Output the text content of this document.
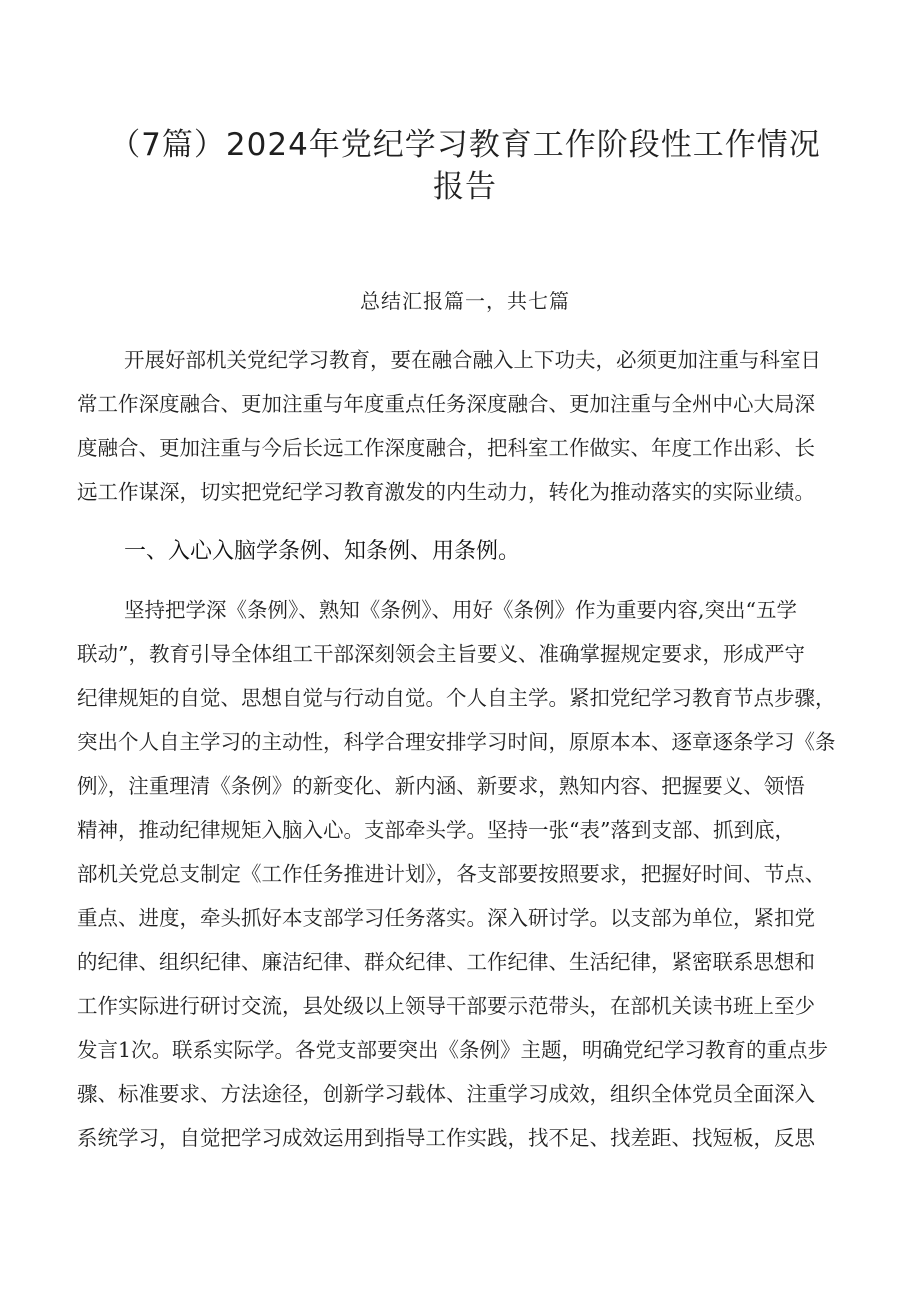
（7篇）2024年党纪学习教育工作阶段性工作情况
报告
总结汇报篇一，共七篇
开展好部机关党纪学习教育，要在融合融入上下功夫，必须更加注重与科室日
常工作深度融合、更加注重与年度重点任务深度融合、更加注重与全州中心大局深
度融合、更加注重与今后长远工作深度融合，把科室工作做实、年度工作出彩、长
远工作谋深，切实把党纪学习教育激发的内生动力，转化为推动落实的实际业绩。
一、入心入脑学条例、知条例、用条例。
坚持把学深《条例》、熟知《条例》、用好《条例》作为重要内容,突出“五学
联动”，教育引导全体组工干部深刻领会主旨要义、准确掌握规定要求，形成严守
纪律规矩的自觉、思想自觉与行动自觉。个人自主学。紧扣党纪学习教育节点步骤，
突出个人自主学习的主动性，科学合理安排学习时间，原原本本、逐章逐条学习《条
例》，注重理清《条例》的新变化、新内涵、新要求，熟知内容、把握要义、领悟
精神，推动纪律规矩入脑入心。支部牵头学。坚持一张“表”落到支部、抓到底，
部机关党总支制定《工作任务推进计划》，各支部要按照要求，把握好时间、节点、
重点、进度，牵头抓好本支部学习任务落实。深入研讨学。以支部为单位，紧扣党
的纪律、组织纪律、廉洁纪律、群众纪律、工作纪律、生活纪律，紧密联系思想和
工作实际进行研讨交流，县处级以上领导干部要示范带头，在部机关读书班上至少
发言1次。联系实际学。各党支部要突出《条例》主题，明确党纪学习教育的重点步
骤、标准要求、方法途径，创新学习载体、注重学习成效，组织全体党员全面深入
系统学习，自觉把学习成效运用到指导工作实践，找不足、找差距、找短板，反思
